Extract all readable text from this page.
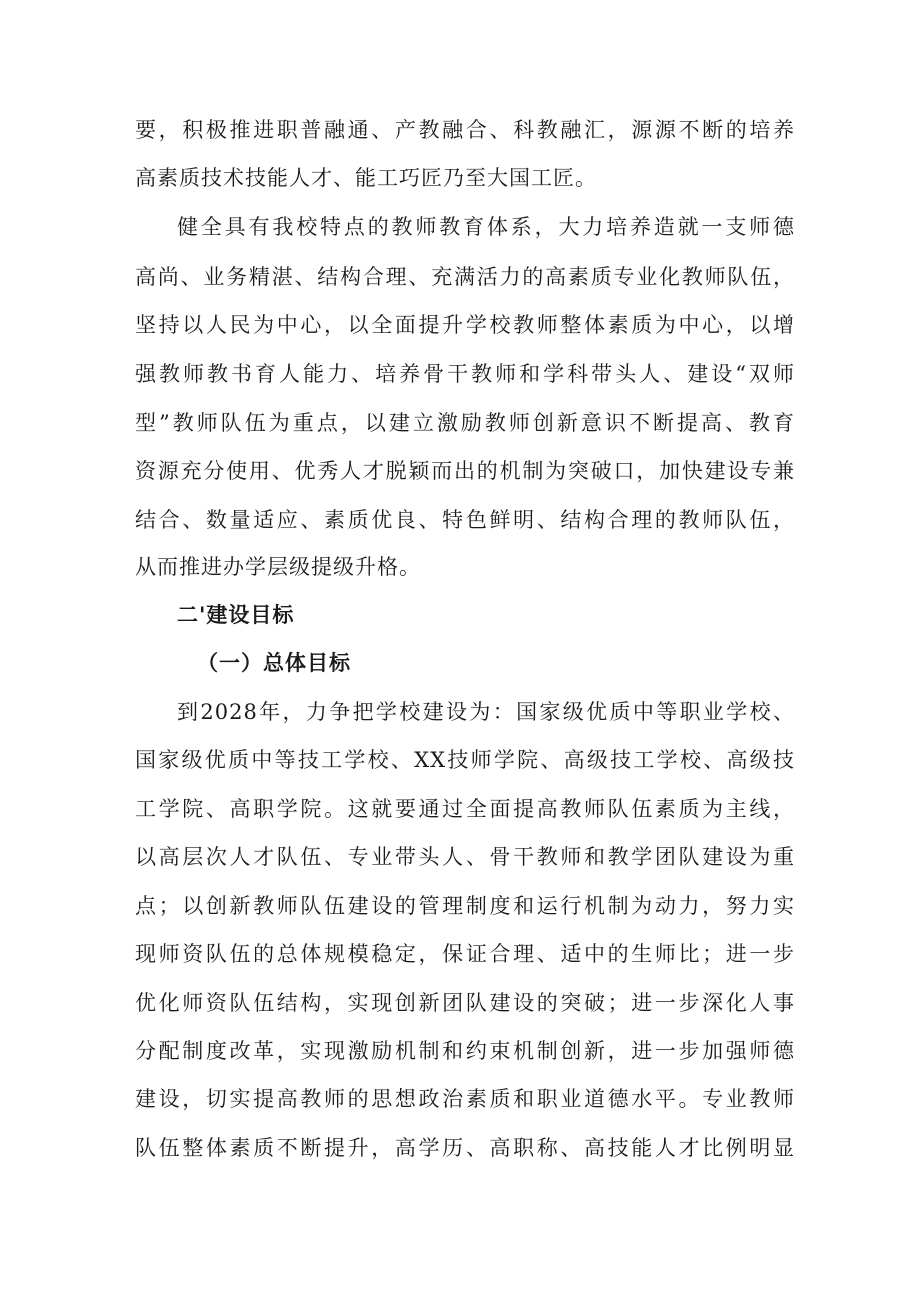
要，积极推进职普融通、产教融合、科教融汇，源源不断的培养

高素质技术技能人才、能工巧匠乃至大国工匠。

健全具有我校特点的教师教育体系，大力培养造就一支师德

高尚、业务精湛、结构合理、充满活力的高素质专业化教师队伍，

坚持以人民为中心，以全面提升学校教师整体素质为中心，以增

强教师教书育人能力、培养骨干教师和学科带头人、建设“双师

型”教师队伍为重点，以建立激励教师创新意识不断提高、教育

资源充分使用、优秀人才脱颖而出的机制为突破口，加快建设专兼

结合、数量适应、素质优良、特色鲜明、结构合理的教师队伍，

从而推进办学层级提级升格。

二'建设目标
（一）总体目标

到2028年，力争把学校建设为：国家级优质中等职业学校、

国家级优质中等技工学校、XX技师学院、高级技工学校、高级技

工学院、高职学院。这就要通过全面提高教师队伍素质为主线，

以高层次人才队伍、专业带头人、骨干教师和教学团队建设为重

点；以创新教师队伍建设的管理制度和运行机制为动力，努力实

现师资队伍的总体规模稳定，保证合理、适中的生师比；进一步

优化师资队伍结构，实现创新团队建设的突破；进一步深化人事

分配制度改革，实现激励机制和约束机制创新，进一步加强师德

建设，切实提高教师的思想政治素质和职业道德水平。专业教师

队伍整体素质不断提升，高学历、高职称、高技能人才比例明显
